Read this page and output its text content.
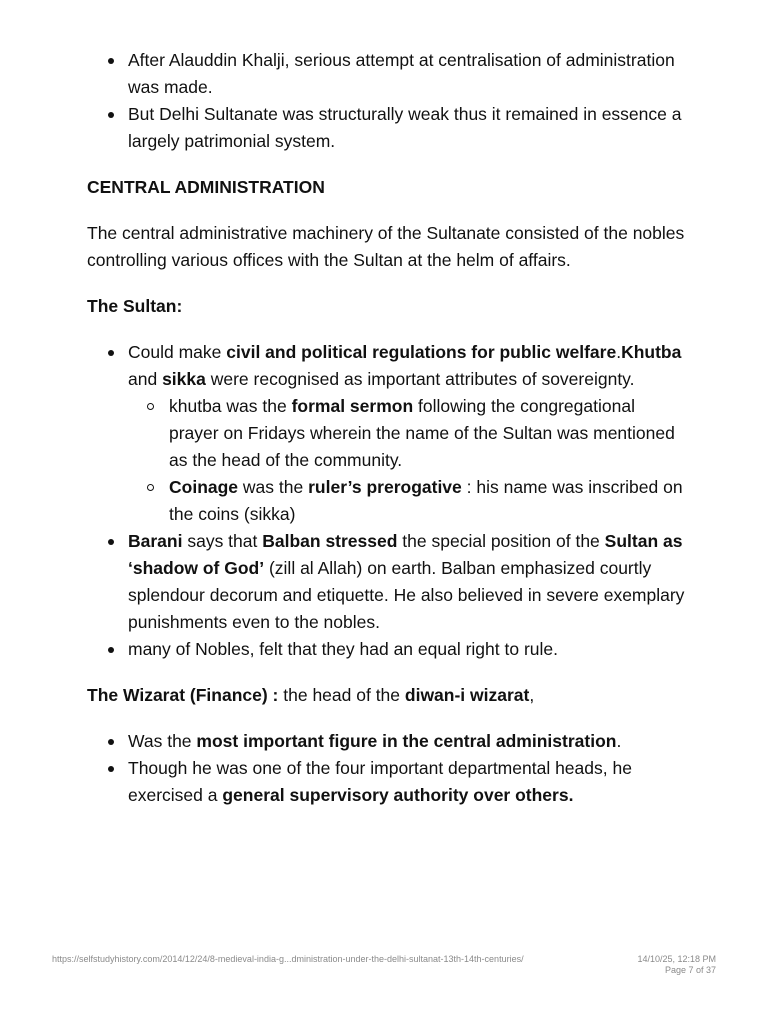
After Alauddin Khalji, serious attempt at centralisation of administration was made.
But Delhi Sultanate was structurally weak thus it remained in essence a largely patrimonial system.

CENTRAL ADMINISTRATION

The central administrative machinery of the Sultanate consisted of the nobles controlling various offices with the Sultan at the helm of affairs.

The Sultan:

Could make civil and political regulations for public welfare.Khutba and sikka were recognised as important attributes of sovereignty.
khutba was the formal sermon following the congregational prayer on Fridays wherein the name of the Sultan was mentioned as the head of the community.
Coinage was the ruler’s prerogative : his name was inscribed on the coins (sikka)
Barani says that Balban stressed the special position of the Sultan as ‘shadow of God’ (zill al Allah) on earth. Balban emphasized courtly splendour decorum and etiquette. He also believed in severe exemplary punishments even to the nobles.
many of Nobles, felt that they had an equal right to rule.

The Wizarat (Finance) : the head of the diwan-i wizarat,

Was the most important figure in the central administration.
Though he was one of the four important departmental heads, he exercised a general supervisory authority over others.
https://selfstudyhistory.com/2014/12/24/8-medieval-india-g...dministration-under-the-delhi-sultanat-13th-14th-centuries/	14/10/25, 12:18 PM
Page 7 of 37
